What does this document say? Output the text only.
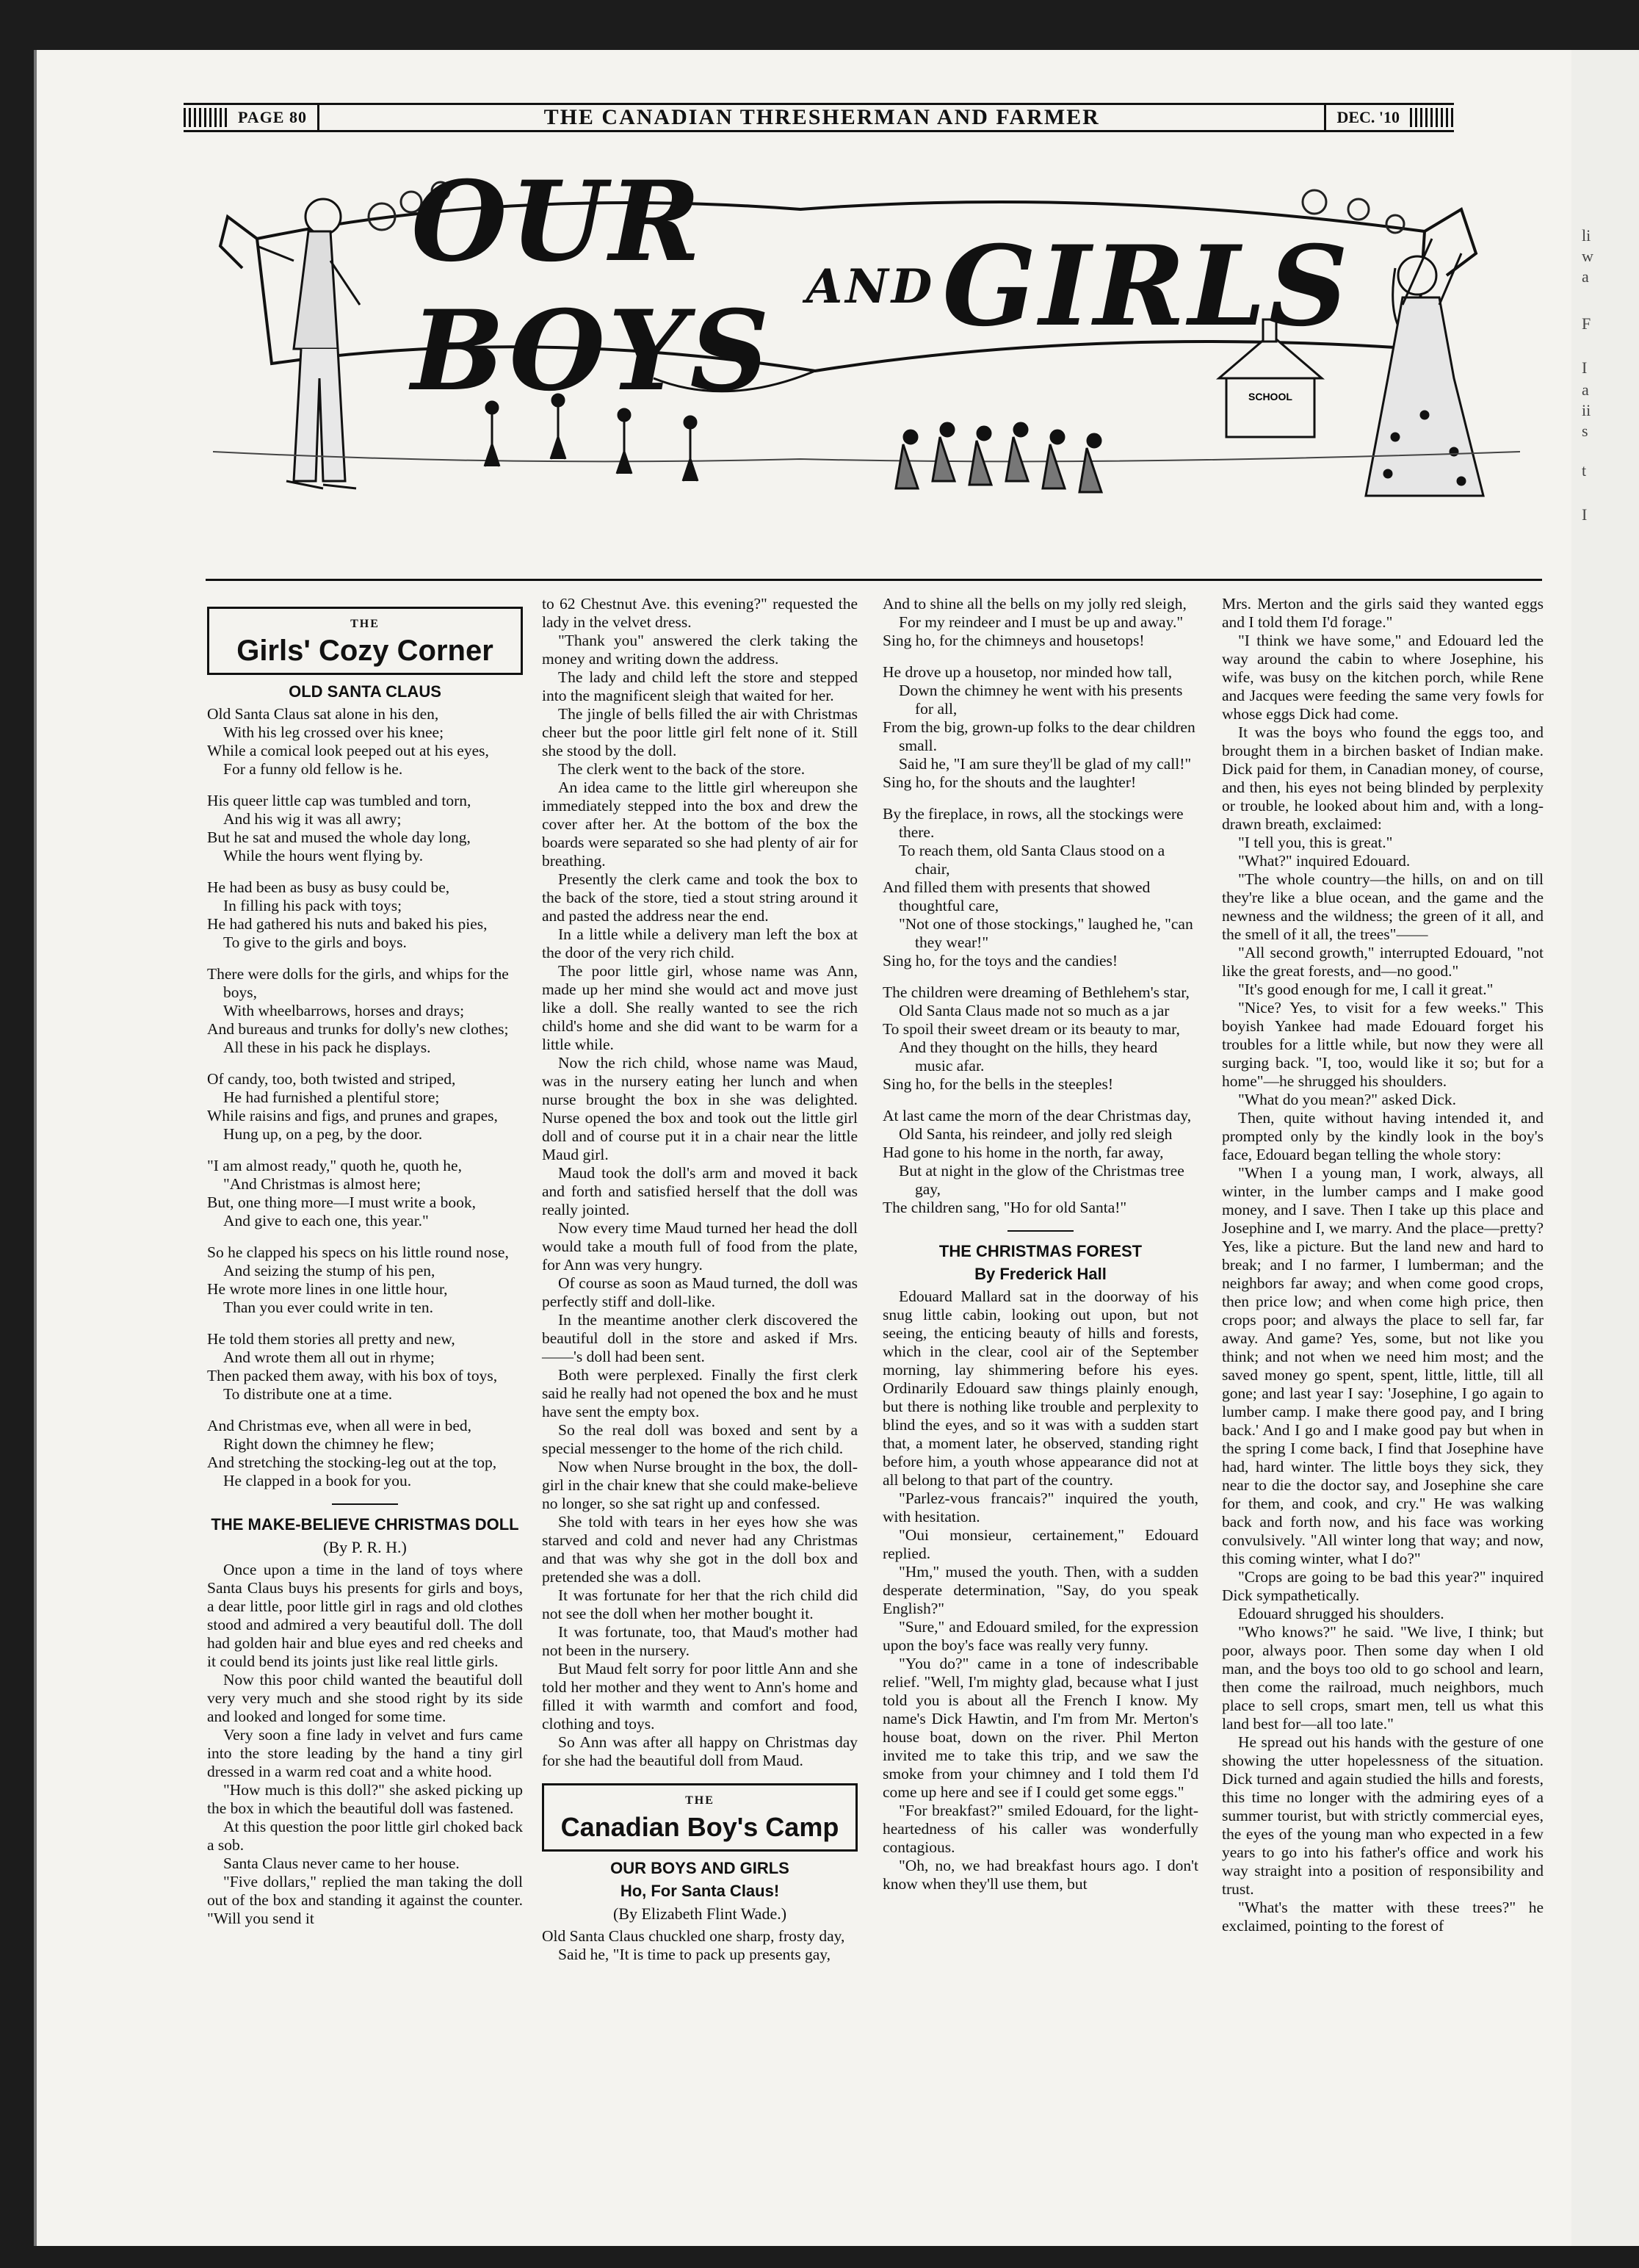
li
w
a
F
I
a
ii
s
t
I
PAGE 80	THE CANADIAN THRESHERMAN AND FARMER	DEC. '10
SCHOOL
OUR BOYS AND GIRLS
THE
Girls' Cozy Corner
OLD SANTA CLAUS
Old Santa Claus sat alone in his den,
With his leg crossed over his knee;
While a comical look peeped out at his eyes,
For a funny old fellow is he.
His queer little cap was tumbled and torn,
And his wig it was all awry;
But he sat and mused the whole day long,
While the hours went flying by.
He had been as busy as busy could be,
In filling his pack with toys;
He had gathered his nuts and baked his pies,
To give to the girls and boys.
There were dolls for the girls, and whips for the boys,
With wheelbarrows, horses and drays;
And bureaus and trunks for dolly's new clothes;
All these in his pack he displays.
Of candy, too, both twisted and striped,
He had furnished a plentiful store;
While raisins and figs, and prunes and grapes,
Hung up, on a peg, by the door.
"I am almost ready," quoth he, quoth he,
"And Christmas is almost here;
But, one thing more—I must write a book,
And give to each one, this year."
So he clapped his specs on his little round nose,
And seizing the stump of his pen,
He wrote more lines in one little hour,
Than you ever could write in ten.
He told them stories all pretty and new,
And wrote them all out in rhyme;
Then packed them away, with his box of toys,
To distribute one at a time.
And Christmas eve, when all were in bed,
Right down the chimney he flew;
And stretching the stocking-leg out at the top,
He clapped in a book for you.
THE MAKE-BELIEVE CHRISTMAS DOLL
(By P. R. H.)

Once upon a time in the land of toys where Santa Claus buys his presents for girls and boys, a dear little, poor little girl in rags and old clothes stood and admired a very beautiful doll. The doll had golden hair and blue eyes and red cheeks and it could bend its joints just like real little girls.

Now this poor child wanted the beautiful doll very very much and she stood right by its side and looked and longed for some time.

Very soon a fine lady in velvet and furs came into the store leading by the hand a tiny girl dressed in a warm red coat and a white hood.

"How much is this doll?" she asked picking up the box in which the beautiful doll was fastened.

At this question the poor little girl choked back a sob.

Santa Claus never came to her house.

"Five dollars," replied the man taking the doll out of the box and standing it against the counter. "Will you send it

to 62 Chestnut Ave. this evening?" requested the lady in the velvet dress.

"Thank you" answered the clerk taking the money and writing down the address.

The lady and child left the store and stepped into the magnificent sleigh that waited for her.

The jingle of bells filled the air with Christmas cheer but the poor little girl felt none of it. Still she stood by the doll.

The clerk went to the back of the store.

An idea came to the little girl whereupon she immediately stepped into the box and drew the cover after her. At the bottom of the box the boards were separated so she had plenty of air for breathing.

Presently the clerk came and took the box to the back of the store, tied a stout string around it and pasted the address near the end.

In a little while a delivery man left the box at the door of the very rich child.

The poor little girl, whose name was Ann, made up her mind she would act and move just like a doll. She really wanted to see the rich child's home and she did want to be warm for a little while.

Now the rich child, whose name was Maud, was in the nursery eating her lunch and when nurse brought the box in she was delighted. Nurse opened the box and took out the little girl doll and of course put it in a chair near the little Maud girl.

Maud took the doll's arm and moved it back and forth and satisfied herself that the doll was really jointed.

Now every time Maud turned her head the doll would take a mouth full of food from the plate, for Ann was very hungry.

Of course as soon as Maud turned, the doll was perfectly stiff and doll-like.

In the meantime another clerk discovered the beautiful doll in the store and asked if Mrs. ——'s doll had been sent.

Both were perplexed. Finally the first clerk said he really had not opened the box and he must have sent the empty box.

So the real doll was boxed and sent by a special messenger to the home of the rich child.

Now when Nurse brought in the box, the doll-girl in the chair knew that she could make-believe no longer, so she sat right up and confessed.

She told with tears in her eyes how she was starved and cold and never had any Christmas and that was why she got in the doll box and pretended she was a doll.

It was fortunate for her that the rich child did not see the doll when her mother bought it.

It was fortunate, too, that Maud's mother had not been in the nursery.

But Maud felt sorry for poor little Ann and she told her mother and they went to Ann's home and filled it with warmth and comfort and food, clothing and toys.

So Ann was after all happy on Christmas day for she had the beautiful doll from Maud.

THE
Canadian Boy's Camp
OUR BOYS AND GIRLS
Ho, For Santa Claus!
(By Elizabeth Flint Wade.)
Old Santa Claus chuckled one sharp, frosty day,
Said he, "It is time to pack up presents gay,
And to shine all the bells on my jolly red sleigh,
For my reindeer and I must be up and away."
Sing ho, for the chimneys and housetops!
He drove up a housetop, nor minded how tall,
Down the chimney he went with his presents for all,
From the big, grown-up folks to the dear children small.
Said he, "I am sure they'll be glad of my call!"
Sing ho, for the shouts and the laughter!
By the fireplace, in rows, all the stockings were there.
To reach them, old Santa Claus stood on a chair,
And filled them with presents that showed thoughtful care,
"Not one of those stockings," laughed he, "can they wear!"
Sing ho, for the toys and the candies!
The children were dreaming of Bethlehem's star,
Old Santa Claus made not so much as a jar
To spoil their sweet dream or its beauty to mar,
And they thought on the hills, they heard music afar.
Sing ho, for the bells in the steeples!
At last came the morn of the dear Christmas day,
Old Santa, his reindeer, and jolly red sleigh
Had gone to his home in the north, far away,
But at night in the glow of the Christmas tree gay,
The children sang, "Ho for old Santa!"
THE CHRISTMAS FOREST
By Frederick Hall

Edouard Mallard sat in the doorway of his snug little cabin, looking out upon, but not seeing, the enticing beauty of hills and forests, which in the clear, cool air of the September morning, lay shimmering before his eyes. Ordinarily Edouard saw things plainly enough, but there is nothing like trouble and perplexity to blind the eyes, and so it was with a sudden start that, a moment later, he observed, standing right before him, a youth whose appearance did not at all belong to that part of the country.

"Parlez-vous francais?" inquired the youth, with hesitation.

"Oui monsieur, certainement," Edouard replied.

"Hm," mused the youth. Then, with a sudden desperate determination, "Say, do you speak English?"

"Sure," and Edouard smiled, for the expression upon the boy's face was really very funny.

"You do?" came in a tone of indescribable relief. "Well, I'm mighty glad, because what I just told you is about all the French I know. My name's Dick Hawtin, and I'm from Mr. Merton's house boat, down on the river. Phil Merton invited me to take this trip, and we saw the smoke from your chimney and I told them I'd come up here and see if I could get some eggs."

"For breakfast?" smiled Edouard, for the light-heartedness of his caller was wonderfully contagious.

"Oh, no, we had breakfast hours ago. I don't know when they'll use them, but

Mrs. Merton and the girls said they wanted eggs and I told them I'd forage."

"I think we have some," and Edouard led the way around the cabin to where Josephine, his wife, was busy on the kitchen porch, while Rene and Jacques were feeding the same very fowls for whose eggs Dick had come.

It was the boys who found the eggs too, and brought them in a birchen basket of Indian make. Dick paid for them, in Canadian money, of course, and then, his eyes not being blinded by perplexity or trouble, he looked about him and, with a long-drawn breath, exclaimed:

"I tell you, this is great."

"What?" inquired Edouard.

"The whole country—the hills, on and on till they're like a blue ocean, and the game and the newness and the wildness; the green of it all, and the smell of it all, the trees"——

"All second growth," interrupted Edouard, "not like the great forests, and—no good."

"It's good enough for me, I call it great."

"Nice? Yes, to visit for a few weeks." This boyish Yankee had made Edouard forget his troubles for a little while, but now they were all surging back. "I, too, would like it so; but for a home"—he shrugged his shoulders.

"What do you mean?" asked Dick.

Then, quite without having intended it, and prompted only by the kindly look in the boy's face, Edouard began telling the whole story:

"When I a young man, I work, always, all winter, in the lumber camps and I make good money, and I save. Then I take up this place and Josephine and I, we marry. And the place—pretty? Yes, like a picture. But the land new and hard to break; and I no farmer, I lumberman; and the neighbors far away; and when come good crops, then price low; and when come high price, then crops poor; and always the place to sell far, far away. And game? Yes, some, but not like you think; and not when we need him most; and the saved money go spent, spent, little, little, till all gone; and last year I say: 'Josephine, I go again to lumber camp. I make there good pay, and I bring back.' And I go and I make good pay but when in the spring I come back, I find that Josephine have had, hard winter. The little boys they sick, they near to die the doctor say, and Josephine she care for them, and cook, and cry." He was walking back and forth now, and his face was working convulsively. "All winter long that way; and now, this coming winter, what I do?"

"Crops are going to be bad this year?" inquired Dick sympathetically.

Edouard shrugged his shoulders.

"Who knows?" he said. "We live, I think; but poor, always poor. Then some day when I old man, and the boys too old to go school and learn, then come the railroad, much neighbors, much place to sell crops, smart men, tell us what this land best for—all too late."

He spread out his hands with the gesture of one showing the utter hopelessness of the situation. Dick turned and again studied the hills and forests, this time no longer with the admiring eyes of a summer tourist, but with strictly commercial eyes, the eyes of the young man who expected in a few years to go into his father's office and work his way straight into a position of responsibility and trust.

"What's the matter with these trees?" he exclaimed, pointing to the forest of
